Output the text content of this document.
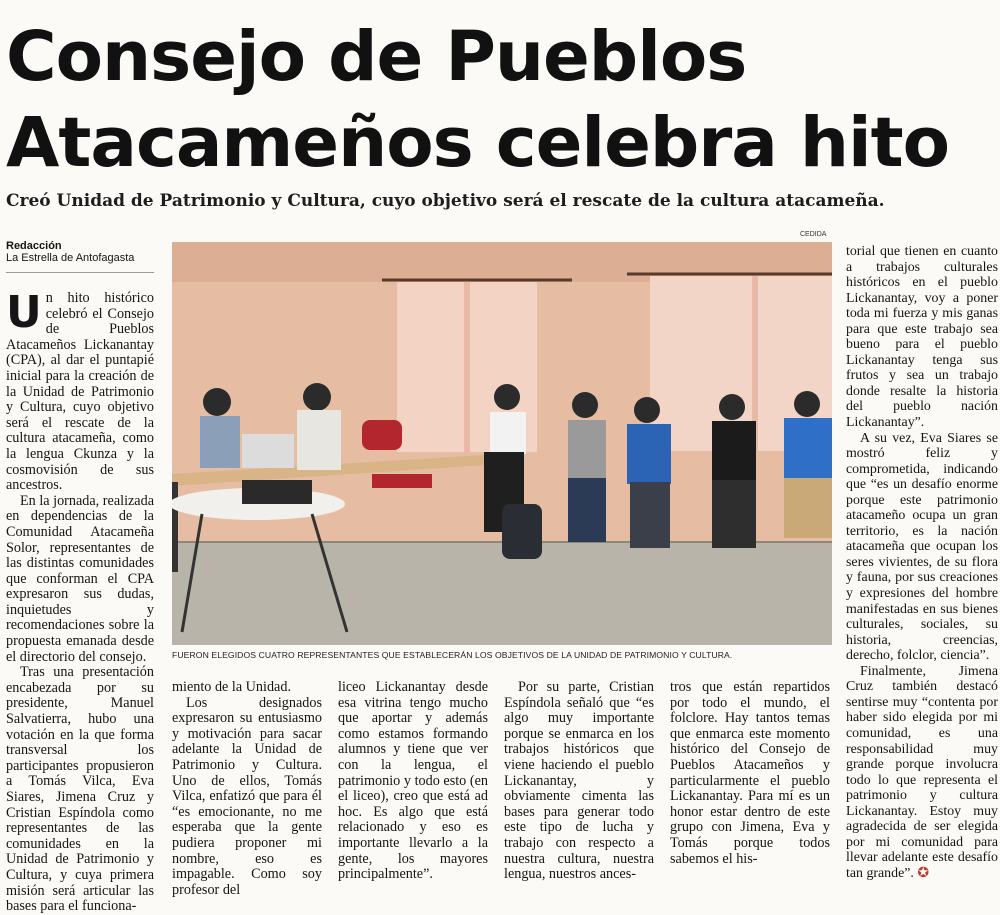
Consejo de Pueblos Atacameños celebra hito
Creó Unidad de Patrimonio y Cultura, cuyo objetivo será el rescate de la cultura atacameña.
Redacción
La Estrella de Antofagasta

Un hito histórico celebró el Consejo de Pueblos Atacameños Lickanantay (CPA), al dar el puntapié inicial para la creación de la Unidad de Patrimonio y Cultura, cuyo objetivo será el rescate de la cultura atacameña, como la lengua Ckunza y la cosmovisión de sus ancestros.

En la jornada, realizada en dependencias de la Comunidad Atacameña Solor, representantes de las distintas comunidades que conforman el CPA expresaron sus dudas, inquietudes y recomendaciones sobre la propuesta emanada desde el directorio del consejo.

Tras una presentación encabezada por su presidente, Manuel Salvatierra, hubo una votación en la que forma transversal los participantes propusieron a Tomás Vilca, Eva Siares, Jimena Cruz y Cristian Espíndola como representantes de las comunidades en la Unidad de Patrimonio y Cultura, y cuya primera misión será articular las bases para el funciona-

CEDIDA
FUERON ELEGIDOS CUATRO REPRESENTANTES QUE ESTABLECERÁN LOS OBJETIVOS DE LA UNIDAD DE PATRIMONIO Y CULTURA.

miento de la Unidad.

Los designados expresaron su entusiasmo y motivación para sacar adelante la Unidad de Patrimonio y Cultura. Uno de ellos, Tomás Vilca, enfatizó que para él “es emocionante, no me esperaba que la gente pudiera proponer mi nombre, eso es impagable. Como soy profesor del

liceo Lickanantay desde esa vitrina tengo mucho que aportar y además como estamos formando alumnos y tiene que ver con la lengua, el patrimonio y todo esto (en el liceo), creo que está ad hoc. Es algo que está relacionado y eso es importante llevarlo a la gente, los mayores principalmente”.

Por su parte, Cristian Espíndola señaló que “es algo muy importante porque se enmarca en los trabajos históricos que viene haciendo el pueblo Lickanantay, y obviamente cimenta las bases para generar todo este tipo de lucha y trabajo con respecto a nuestra cultura, nuestra lengua, nuestros ances-

tros que están repartidos por todo el mundo, el folclore. Hay tantos temas que enmarca este momento histórico del Consejo de Pueblos Atacameños y particularmente el pueblo Lickanantay. Para mí es un honor estar dentro de este grupo con Jimena, Eva y Tomás porque todos sabemos el his-

torial que tienen en cuanto a trabajos culturales históricos en el pueblo Lickanantay, voy a poner toda mi fuerza y mis ganas para que este trabajo sea bueno para el pueblo Lickanantay tenga sus frutos y sea un trabajo donde resalte la historia del pueblo nación Lickanantay”.

A su vez, Eva Siares se mostró feliz y comprometida, indicando que “es un desafío enorme porque este patrimonio atacameño ocupa un gran territorio, es la nación atacameña que ocupan los seres vivientes, de su flora y fauna, por sus creaciones y expresiones del hombre manifestadas en sus bienes culturales, sociales, su historia, creencias, derecho, folclor, ciencia”.

Finalmente, Jimena Cruz también destacó sentirse muy “contenta por haber sido elegida por mi comunidad, es una responsabilidad muy grande porque involucra todo lo que representa el patrimonio y cultura Lickanantay. Estoy muy agradecida de ser elegida por mi comunidad para llevar adelante este desafío tan grande”. ✪
